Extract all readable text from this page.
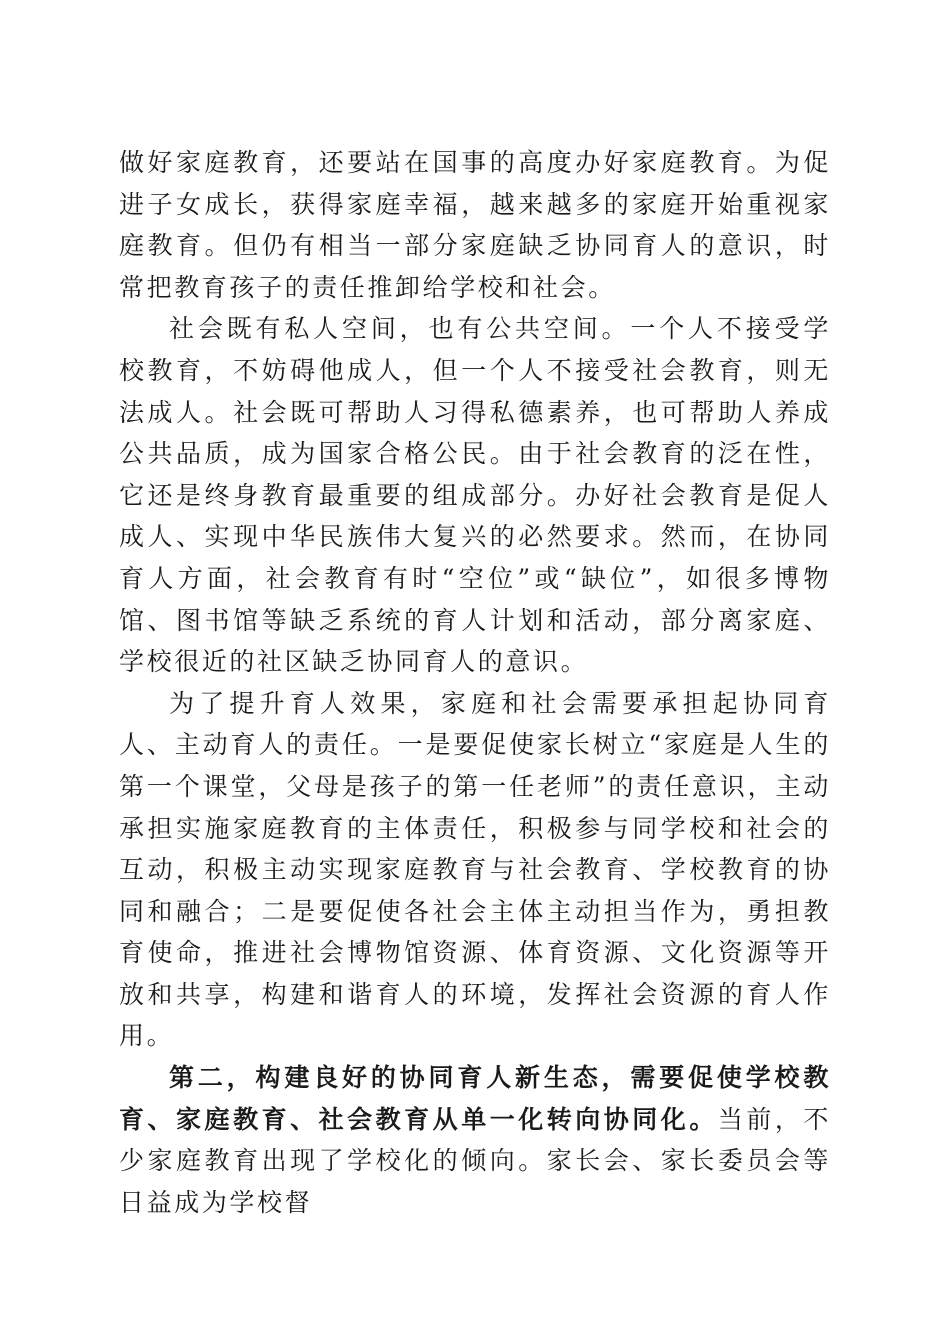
做好家庭教育，还要站在国事的高度办好家庭教育。为促进子女成长，获得家庭幸福，越来越多的家庭开始重视家庭教育。但仍有相当一部分家庭缺乏协同育人的意识，时常把教育孩子的责任推卸给学校和社会。

社会既有私人空间，也有公共空间。一个人不接受学校教育，不妨碍他成人，但一个人不接受社会教育，则无法成人。社会既可帮助人习得私德素养，也可帮助人养成公共品质，成为国家合格公民。由于社会教育的泛在性，它还是终身教育最重要的组成部分。办好社会教育是促人成人、实现中华民族伟大复兴的必然要求。然而，在协同育人方面，社会教育有时“空位”或“缺位”，如很多博物馆、图书馆等缺乏系统的育人计划和活动，部分离家庭、学校很近的社区缺乏协同育人的意识。

为了提升育人效果，家庭和社会需要承担起协同育人、主动育人的责任。一是要促使家长树立“家庭是人生的第一个课堂，父母是孩子的第一任老师”的责任意识，主动承担实施家庭教育的主体责任，积极参与同学校和社会的互动，积极主动实现家庭教育与社会教育、学校教育的协同和融合；二是要促使各社会主体主动担当作为，勇担教育使命，推进社会博物馆资源、体育资源、文化资源等开放和共享，构建和谐育人的环境，发挥社会资源的育人作用。

第二，构建良好的协同育人新生态，需要促使学校教育、家庭教育、社会教育从单一化转向协同化。当前，不少家庭教育出现了学校化的倾向。家长会、家长委员会等日益成为学校督
